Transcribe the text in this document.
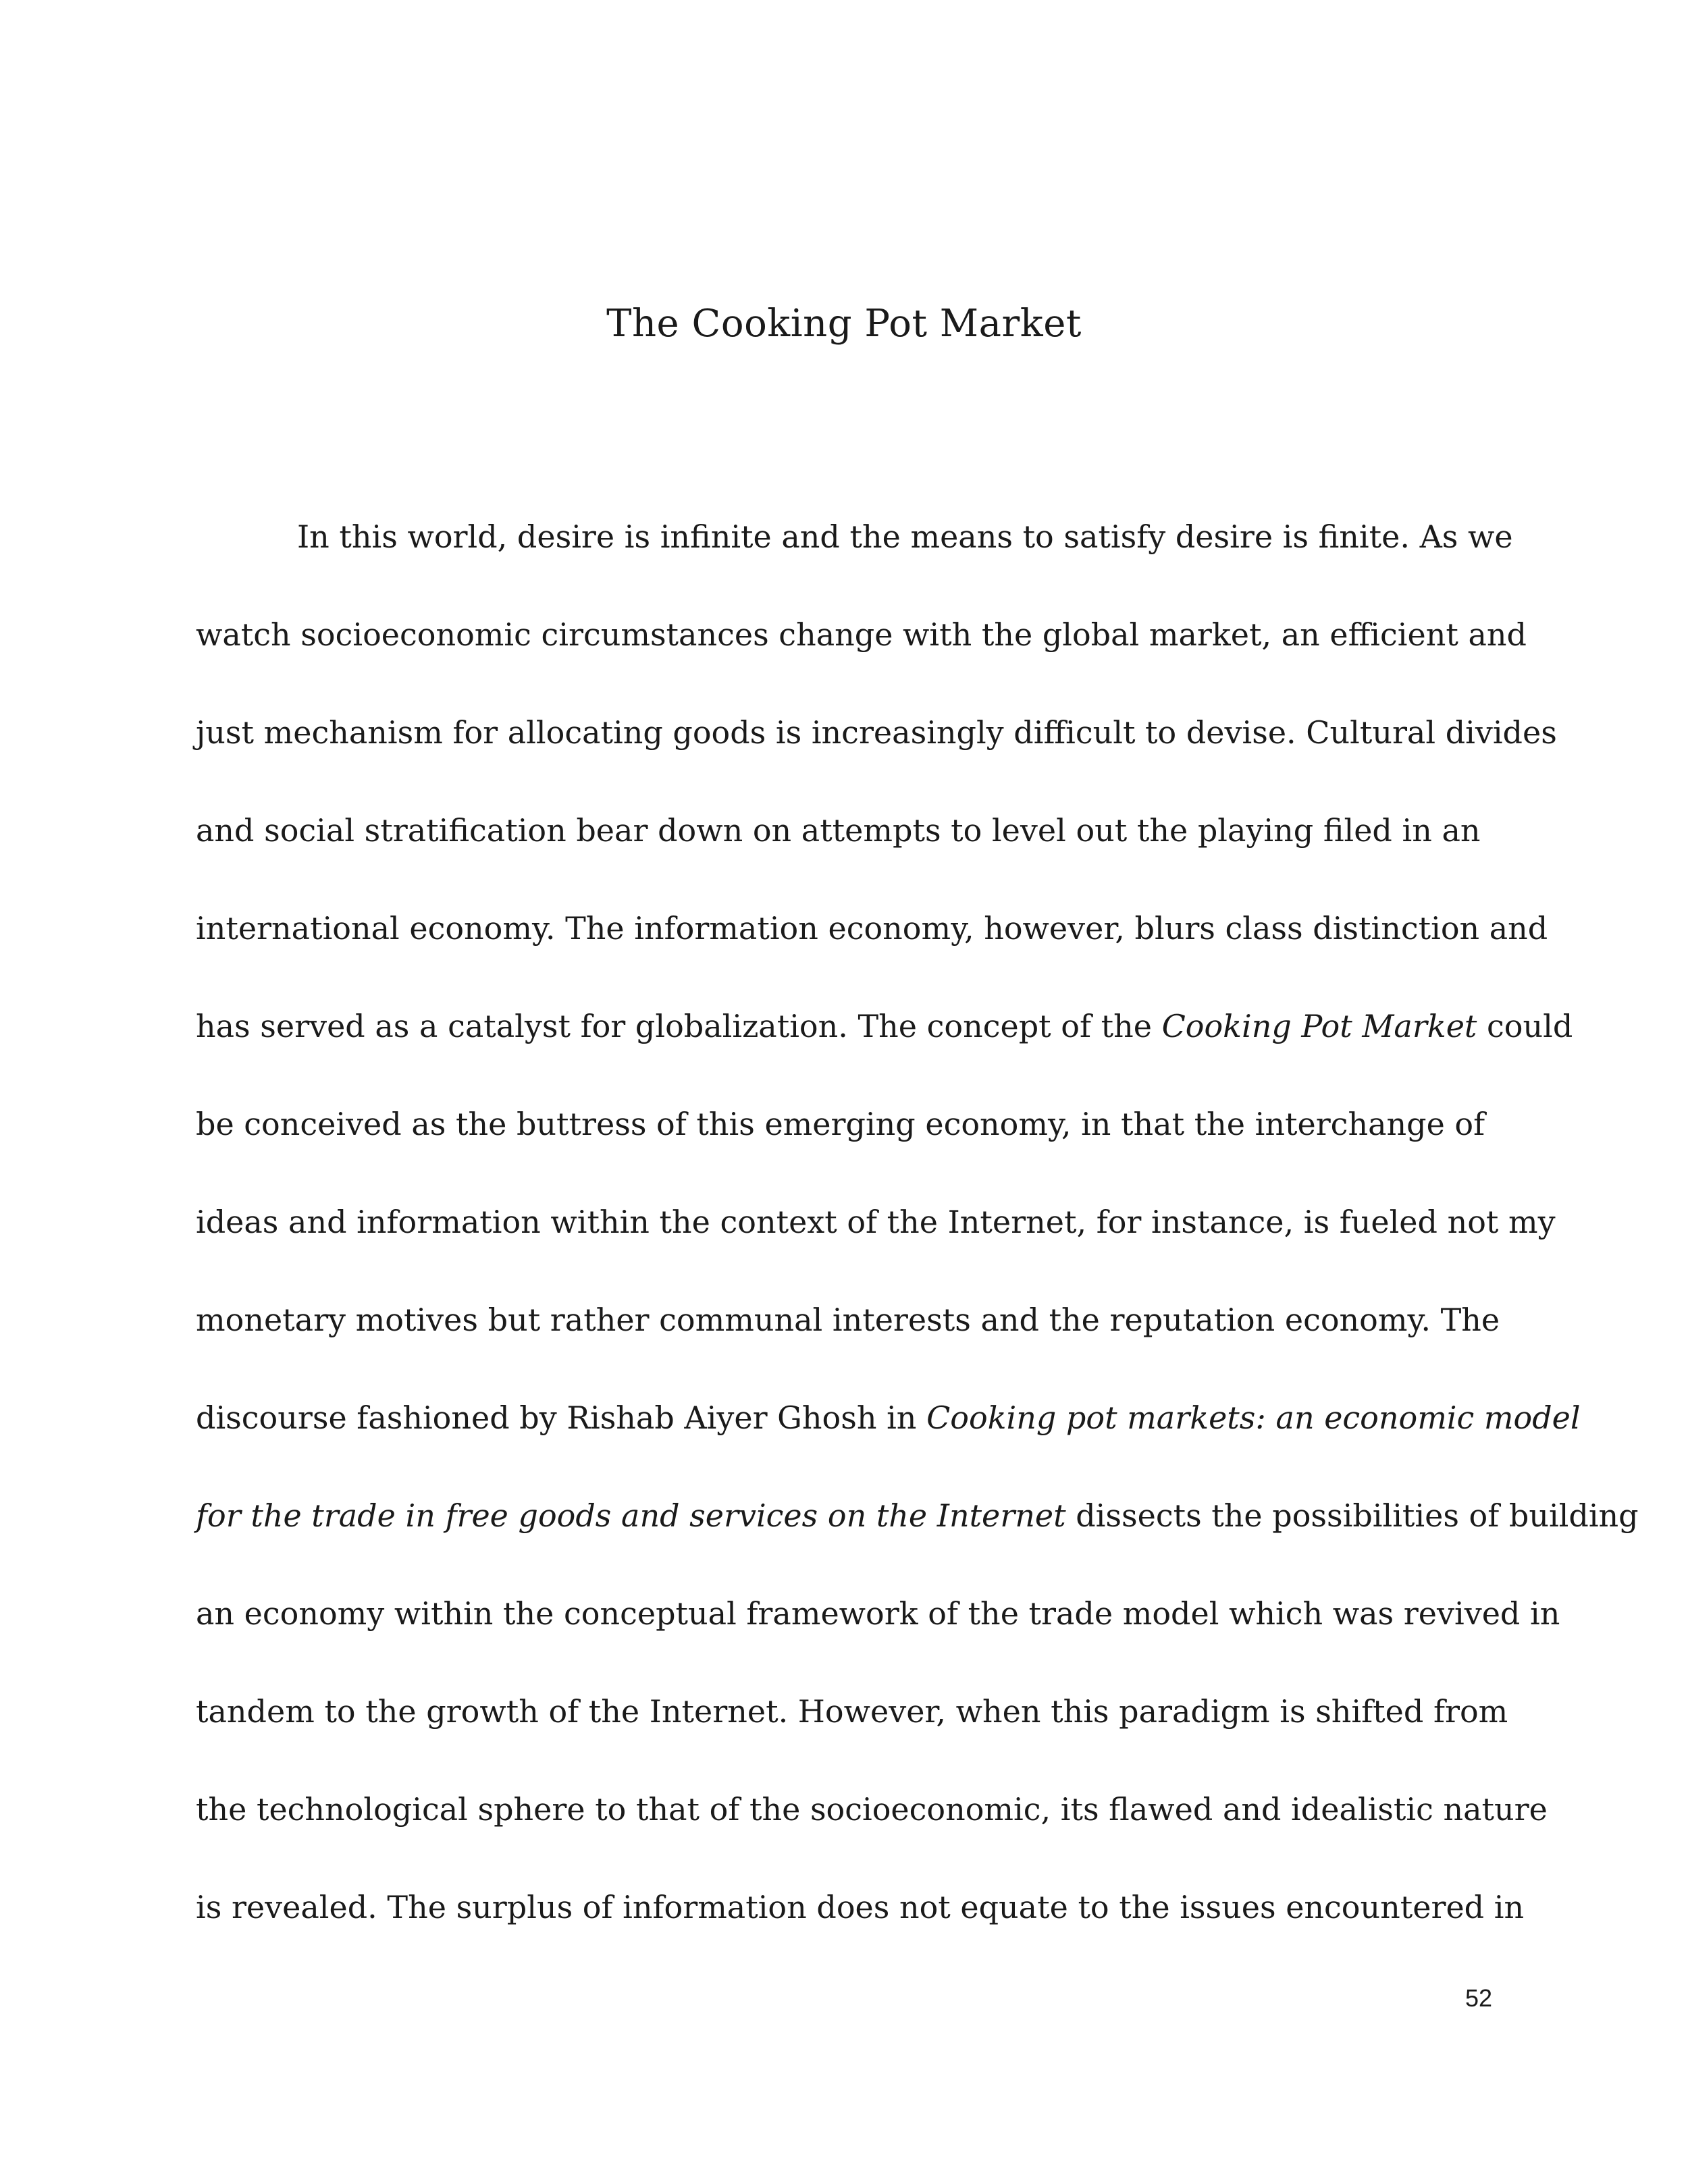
The Cooking Pot Market
In this world, desire is infinite and the means to satisfy desire is finite. As we
watch socioeconomic circumstances change with the global market, an efficient and
just mechanism for allocating goods is increasingly difficult to devise. Cultural divides
and social stratification bear down on attempts to level out the playing filed in an
international economy. The information economy, however, blurs class distinction and
has served as a catalyst for globalization. The concept of the Cooking Pot Market could
be conceived as the buttress of this emerging economy, in that the interchange of
ideas and information within the context of the Internet, for instance, is fueled not my
monetary motives but rather communal interests and the reputation economy. The
discourse fashioned by Rishab Aiyer Ghosh in Cooking pot markets: an economic model
for the trade in free goods and services on the Internet dissects the possibilities of building
an economy within the conceptual framework of the trade model which was revived in
tandem to the growth of the Internet. However, when this paradigm is shifted from
the technological sphere to that of the socioeconomic, its flawed and idealistic nature
is revealed. The surplus of information does not equate to the issues encountered in
52
